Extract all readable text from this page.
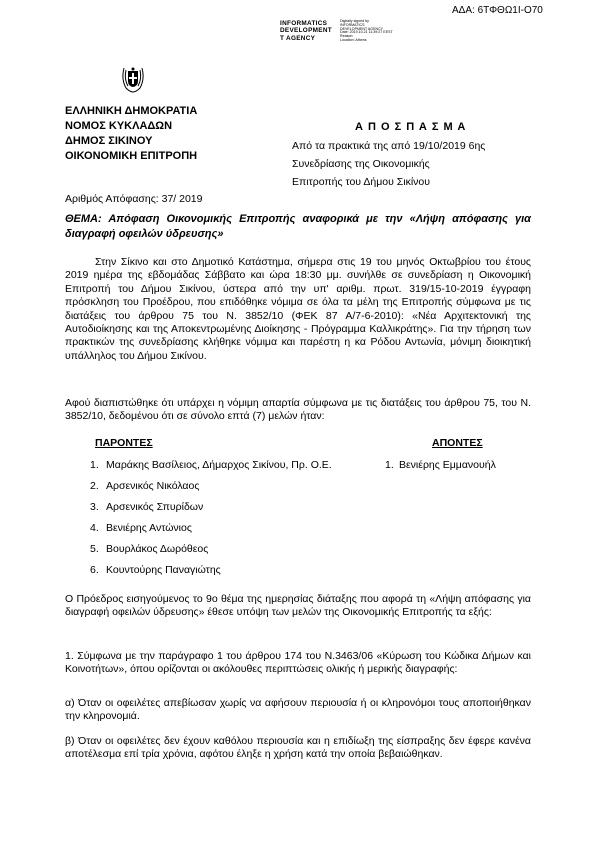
ΑΔΑ: 6ΤΦΘΩ1Ι-Ο70
INFORMATICS
DEVELOPMENT
T AGENCY
Digitally signed by
INFORMATICS
DEVELOPMENT AGENCY
Date: 2019.10.21 11:39:27 EEST
Reason:
Location: Athens
ΕΛΛΗΝΙΚΗ ΔΗΜΟΚΡΑΤΙΑ
ΝΟΜΟΣ ΚΥΚΛΑΔΩΝ
ΔΗΜΟΣ ΣΙΚΙΝΟΥ
ΟΙΚΟΝΟΜΙΚΗ ΕΠΙΤΡΟΠΗ
Α Π Ο Σ Π Α Σ Μ Α
Από τα πρακτικά της από 19/10/2019 6ης
Συνεδρίασης της Οικονομικής
Επιτροπής του Δήμου Σικίνου
Αριθμός Απόφασης: 37/ 2019
ΘΕΜΑ: Απόφαση Οικονομικής Επιτροπής αναφορικά με την «Λήψη απόφασης για διαγραφή οφειλών ύδρευσης»
Στην Σίκινο και στο Δημοτικό Κατάστημα, σήμερα στις 19 του μηνός Οκτωβρίου του έτους 2019 ημέρα της εβδομάδας Σάββατο και ώρα 18:30 μμ. συνήλθε σε συνεδρίαση η Οικονομική Επιτροπή του Δήμου Σικίνου, ύστερα από την υπ' αριθμ. πρωτ. 319/15-10-2019 έγγραφη πρόσκληση του Προέδρου, που επιδόθηκε νόμιμα σε όλα τα μέλη της Επιτροπής σύμφωνα με τις διατάξεις του άρθρου 75 του Ν. 3852/10 (ΦΕΚ 87 Α/7-6-2010): «Νέα Αρχιτεκτονική της Αυτοδιοίκησης και της Αποκεντρωμένης Διοίκησης - Πρόγραμμα Καλλικράτης». Για την τήρηση των πρακτικών της συνεδρίασης κλήθηκε νόμιμα και παρέστη η κα Ρόδου Αντωνία, μόνιμη διοικητική υπάλληλος του Δήμου Σικίνου.
Αφού διαπιστώθηκε ότι υπάρχει η νόμιμη απαρτία σύμφωνα με τις διατάξεις του άρθρου 75, του Ν. 3852/10, δεδομένου ότι σε σύνολο επτά (7) μελών ήταν:
ΠΑΡΟΝΤΕΣ	ΑΠΟΝΤΕΣ
1. Μαράκης Βασίλειος, Δήμαρχος Σικίνου, Πρ. Ο.Ε.
2. Αρσενικός Νικόλαος
3. Αρσενικός Σπυρίδων
4. Βενιέρης Αντώνιος
5. Βουρλάκος Δωρόθεος
6. Κουντούρης Παναγιώτης
1. Βενιέρης Εμμανουήλ
Ο Πρόεδρος εισηγούμενος το 9ο θέμα της ημερησίας διάταξης που αφορά τη «Λήψη απόφασης για διαγραφή οφειλών ύδρευσης» έθεσε υπόψη των μελών της Οικονομικής Επιτροπής τα εξής:
1. Σύμφωνα με την παράγραφο 1 του άρθρου 174 του Ν.3463/06 «Κύρωση του Κώδικα Δήμων και Κοινοτήτων», όπου ορίζονται οι ακόλουθες περιπτώσεις ολικής ή μερικής διαγραφής:
α) Όταν οι οφειλέτες απεβίωσαν χωρίς να αφήσουν περιουσία ή οι κληρονόμοι τους αποποιήθηκαν την κληρονομιά.
β) Όταν οι οφειλέτες δεν έχουν καθόλου περιουσία και η επιδίωξη της είσπραξης δεν έφερε κανένα αποτέλεσμα επί τρία χρόνια, αφότου έληξε η χρήση κατά την οποία βεβαιώθηκαν.
